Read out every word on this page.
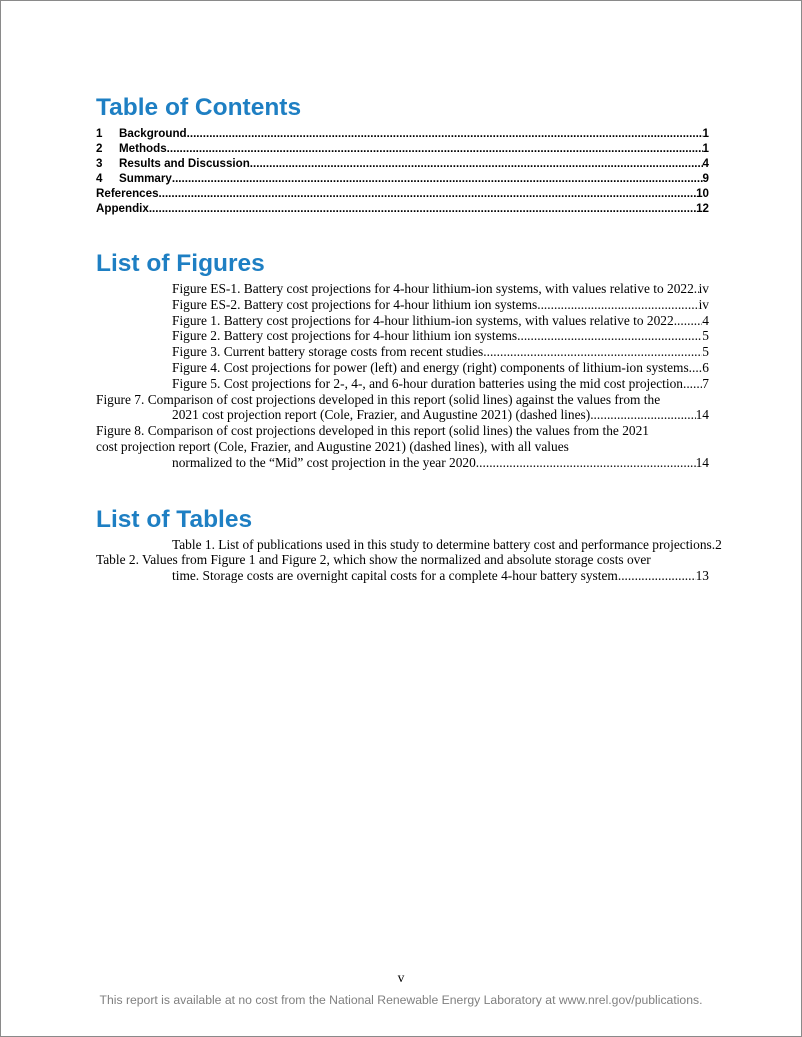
Table of Contents
1	Background .....	1
2	Methods .....	1
3	Results and Discussion .....	4
4	Summary .....	9
References .....	10
Appendix .....	12
List of Figures
Figure ES-1. Battery cost projections for 4-hour lithium-ion systems, with values relative to 2022. ..... iv
Figure ES-2. Battery cost projections for 4-hour lithium ion systems. .....	iv
Figure 1. Battery cost projections for 4-hour lithium-ion systems, with values relative to 2022. ..... 4
Figure 2. Battery cost projections for 4-hour lithium ion systems. .....	5
Figure 3. Current battery storage costs from recent studies. .....	5
Figure 4. Cost projections for power (left) and energy (right) components of lithium-ion systems. ..... 6
Figure 5. Cost projections for 2-, 4-, and 6-hour duration batteries using the mid cost projection. ..... 7
Figure 7. Comparison of cost projections developed in this report (solid lines) against the values from the
2021 cost projection report (Cole, Frazier, and Augustine 2021) (dashed lines). .....	14
Figure 8. Comparison of cost projections developed in this report (solid lines) the values from the 2021
cost projection report (Cole, Frazier, and Augustine 2021) (dashed lines), with all values
normalized to the “Mid” cost projection in the year 2020. .....	14
List of Tables
Table 1. List of publications used in this study to determine battery cost and performance projections. 2
Table 2. Values from Figure 1 and Figure 2, which show the normalized and absolute storage costs over
time. Storage costs are overnight capital costs for a complete 4-hour battery system. .....	13
v
This report is available at no cost from the National Renewable Energy Laboratory at www.nrel.gov/publications.
